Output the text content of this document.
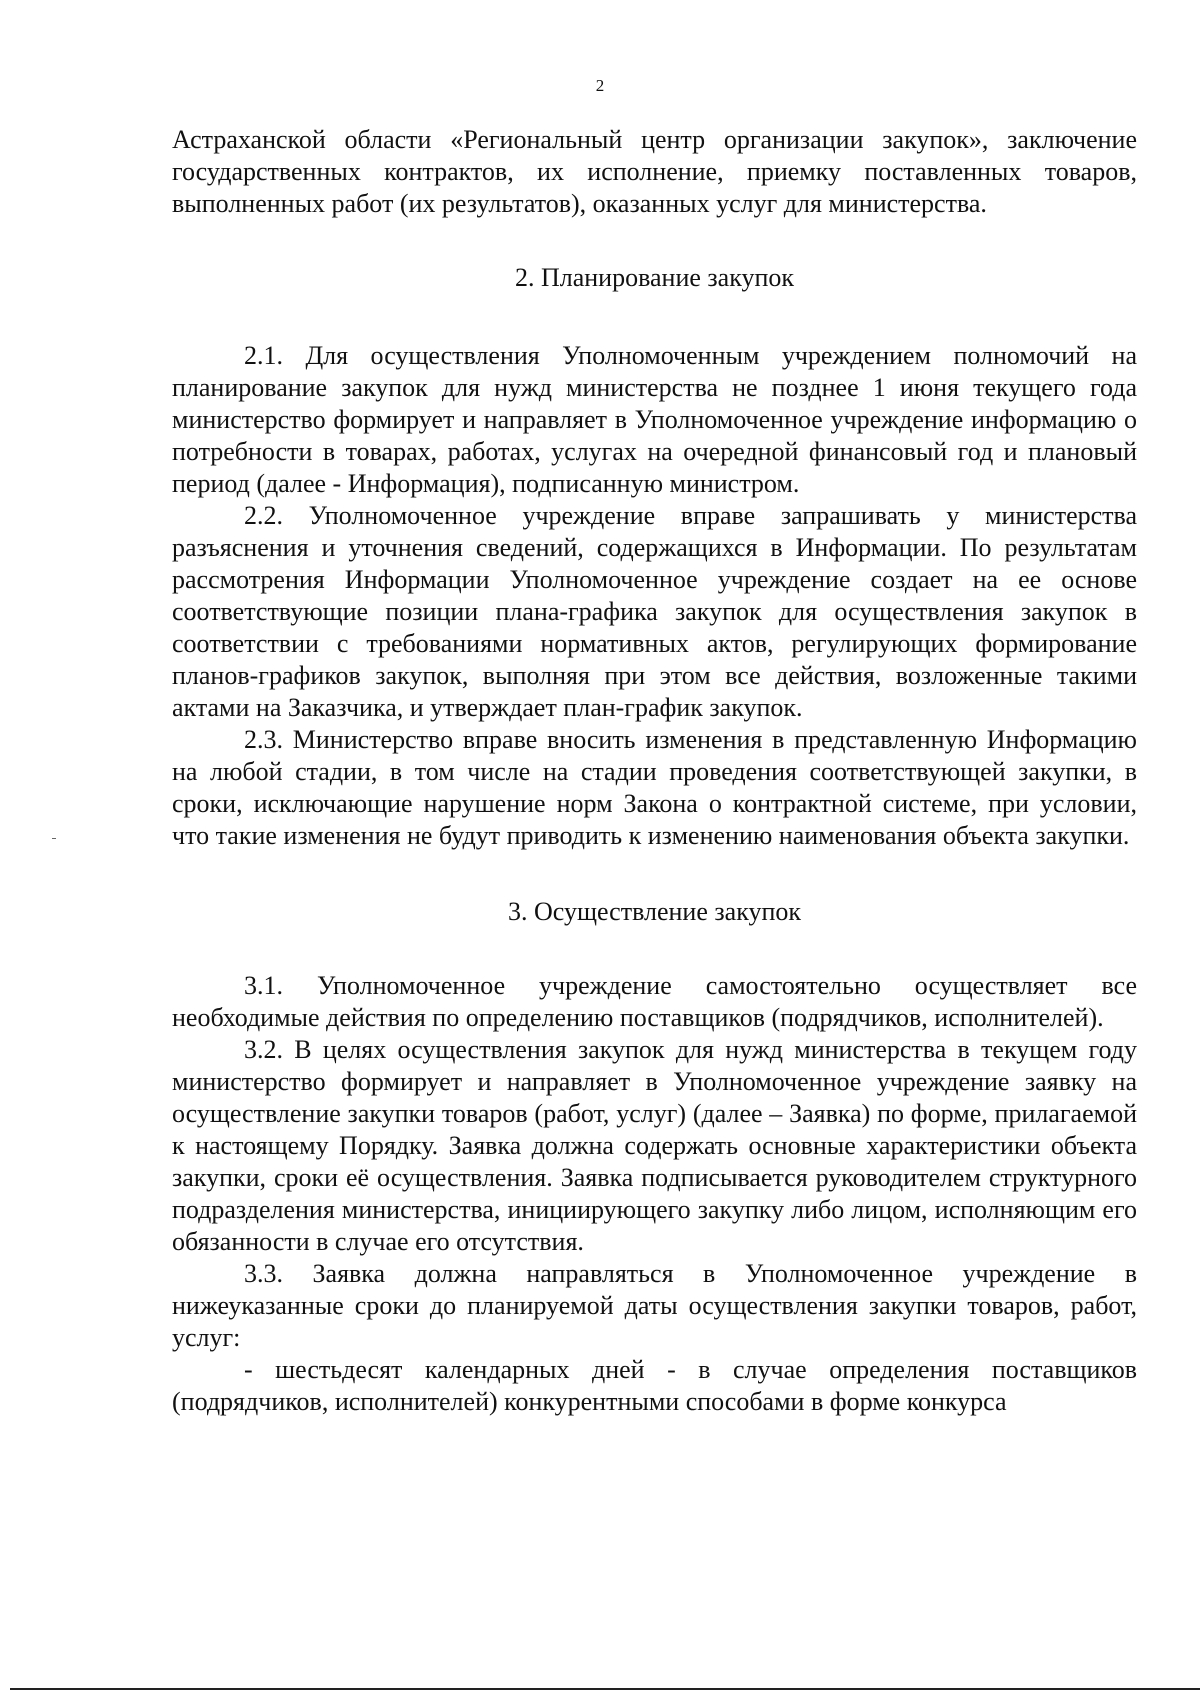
2

Астраханской области «Региональный центр организации закупок», заключение государственных контрактов, их исполнение, приемку поставленных товаров, выполненных работ (их результатов), оказанных услуг для министерства.

2. Планирование закупок

2.1. Для осуществления Уполномоченным учреждением полномочий на планирование закупок для нужд министерства не позднее 1 июня текущего года министерство формирует и направляет в Уполномоченное учреждение информацию о потребности в товарах, работах, услугах на очередной финансовый год и плановый период (далее - Информация), подписанную министром.

2.2. Уполномоченное учреждение вправе запрашивать у министерства разъяснения и уточнения сведений, содержащихся в Информации. По результатам рассмотрения Информации Уполномоченное учреждение создает на ее основе соответствующие позиции плана-графика закупок для осуществления закупок в соответствии с требованиями нормативных актов, регулирующих формирование планов-графиков закупок, выполняя при этом все действия, возложенные такими актами на Заказчика, и утверждает план-график закупок.

2.3. Министерство вправе вносить изменения в представленную Информацию на любой стадии, в том числе на стадии проведения соответствующей закупки, в сроки, исключающие нарушение норм Закона о контрактной системе, при условии, что такие изменения не будут приводить к изменению наименования объекта закупки.

3. Осуществление закупок

3.1. Уполномоченное учреждение самостоятельно осуществляет все необходимые действия по определению поставщиков (подрядчиков, исполнителей).

3.2. В целях осуществления закупок для нужд министерства в текущем году министерство формирует и направляет в Уполномоченное учреждение заявку на осуществление закупки товаров (работ, услуг) (далее – Заявка) по форме, прилагаемой к настоящему Порядку. Заявка должна содержать основные характеристики объекта закупки, сроки её осуществления. Заявка подписывается руководителем структурного подразделения министерства, инициирующего закупку либо лицом, исполняющим его обязанности в случае его отсутствия.

3.3. Заявка должна направляться в Уполномоченное учреждение в нижеуказанные сроки до планируемой даты осуществления закупки товаров, работ, услуг:

- шестьдесят календарных дней - в случае определения поставщиков (подрядчиков, исполнителей) конкурентными способами в форме конкурса
